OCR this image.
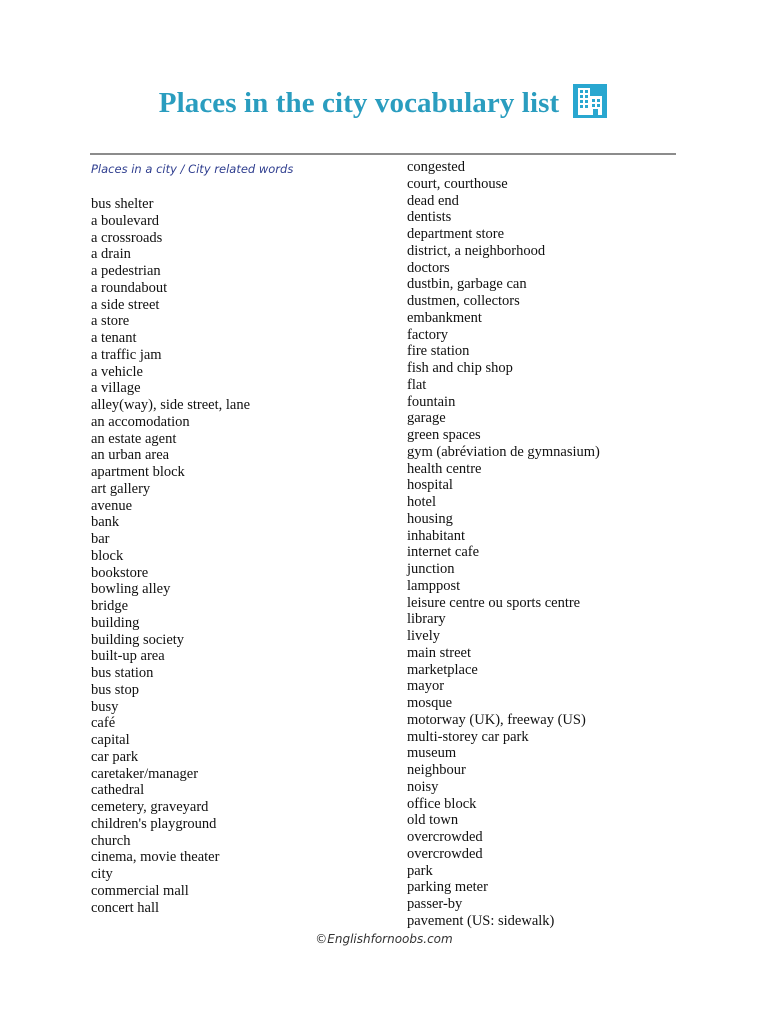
Places in the city vocabulary list
Places in a city / City related words
bus shelter
a boulevard
a crossroads
a drain
a pedestrian
a roundabout
a side street
a store
a tenant
a traffic jam
a vehicle
a village
alley(way), side street, lane
an accomodation
an estate agent
an urban area
apartment block
art gallery
avenue
bank
bar
block
bookstore
bowling alley
bridge
building
building society
built-up area
bus station
bus stop
busy
café
capital
car park
caretaker/manager
cathedral
cemetery, graveyard
children's playground
church
cinema, movie theater
city
commercial mall
concert hall
congested
court, courthouse
dead end
dentists
department store
district, a neighborhood
doctors
dustbin, garbage can
dustmen, collectors
embankment
factory
fire station
fish and chip shop
flat
fountain
garage
green spaces
gym (abréviation de gymnasium)
health centre
hospital
hotel
housing
inhabitant
internet cafe
junction
lamppost
leisure centre ou sports centre
library
lively
main street
marketplace
mayor
mosque
motorway (UK), freeway (US)
multi-storey car park
museum
neighbour
noisy
office block
old town
overcrowded
overcrowded
park
parking meter
passer-by
pavement (US: sidewalk)
©Englishfornoobs.com
